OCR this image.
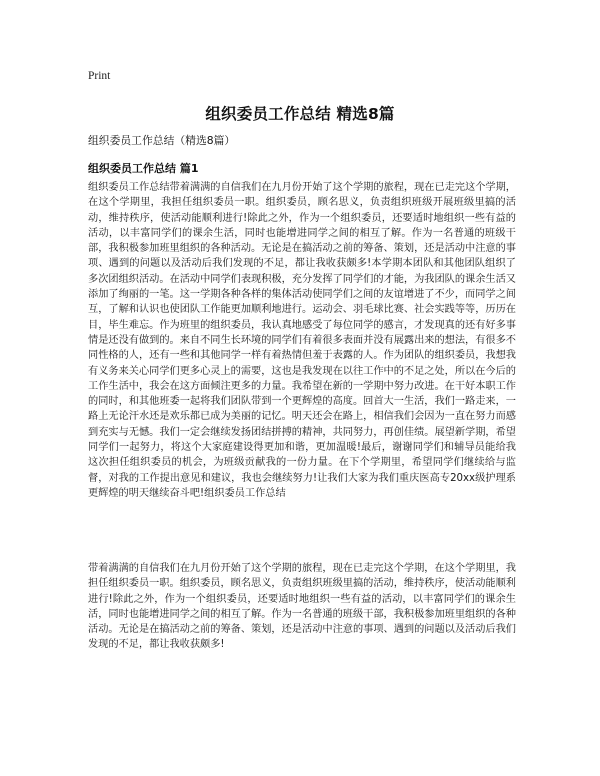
Print
组织委员工作总结 精选8篇
组织委员工作总结（精选8篇）
组织委员工作总结 篇1
组织委员工作总结带着满满的自信我们在九月份开始了这个学期的旅程，现在已走完这个学期，在这个学期里，我担任组织委员一职。组织委员，顾名思义，负责组织班级开展班级里搞的活动，维持秩序，使活动能顺利进行!除此之外，作为一个组织委员，还要适时地组织一些有益的活动，以丰富同学们的课余生活，同时也能增进同学之间的相互了解。作为一名普通的班级干部，我积极参加班里组织的各种活动。无论是在搞活动之前的筹备、策划，还是活动中注意的事项、遇到的问题以及活动后我们发现的不足，都让我收获颇多!本学期本团队和其他团队组织了多次团组织活动。在活动中同学们表现积极，充分发挥了同学们的才能，为我团队的课余生活又添加了绚丽的一笔。这一学期各种各样的集体活动使同学们之间的友谊增进了不少，而同学之间互，了解和认识也使团队工作能更加顺利地进行。运动会、羽毛球比赛、社会实践等等，历历在目，毕生难忘。作为班里的组织委员，我认真地感受了每位同学的感言，才发现真的还有好多事情是还没有做到的。来自不同生长环境的同学们有着很多表面并没有展露出来的想法，有很多不同性格的人，还有一些和其他同学一样有着热情但羞于表露的人。作为团队的组织委员，我想我有义务来关心同学们更多心灵上的需要，这也是我发现在以往工作中的不足之处，所以在今后的工作生活中，我会在这方面倾注更多的力量。我希望在新的一学期中努力改进。在干好本职工作的同时，和其他班委一起将我们团队带到一个更辉煌的高度。回首大一生活，我们一路走来，一路上无论汗水还是欢乐都已成为美丽的记忆。明天还会在路上，相信我们会因为一直在努力而感到充实与无憾。我们一定会继续发扬团结拼搏的精神，共同努力，再创佳绩。展望新学期，希望同学们一起努力，将这个大家庭建设得更加和谐，更加温暖!最后，谢谢同学们和辅导员能给我这次担任组织委员的机会，为班级贡献我的一份力量。在下个学期里，希望同学们继续给与监督，对我的工作提出意见和建议，我也会继续努力!让我们大家为我们重庆医高专20xx级护理系更辉煌的明天继续奋斗吧!组织委员工作总结
带着满满的自信我们在九月份开始了这个学期的旅程，现在已走完这个学期，在这个学期里，我担任组织委员一职。组织委员，顾名思义，负责组织班级里搞的活动，维持秩序，使活动能顺利进行!除此之外，作为一个组织委员，还要适时地组织一些有益的活动，以丰富同学们的课余生活，同时也能增进同学之间的相互了解。作为一名普通的班级干部，我积极参加班里组织的各种活动。无论是在搞活动之前的筹备、策划，还是活动中注意的事项、遇到的问题以及活动后我们发现的不足，都让我收获颇多!
